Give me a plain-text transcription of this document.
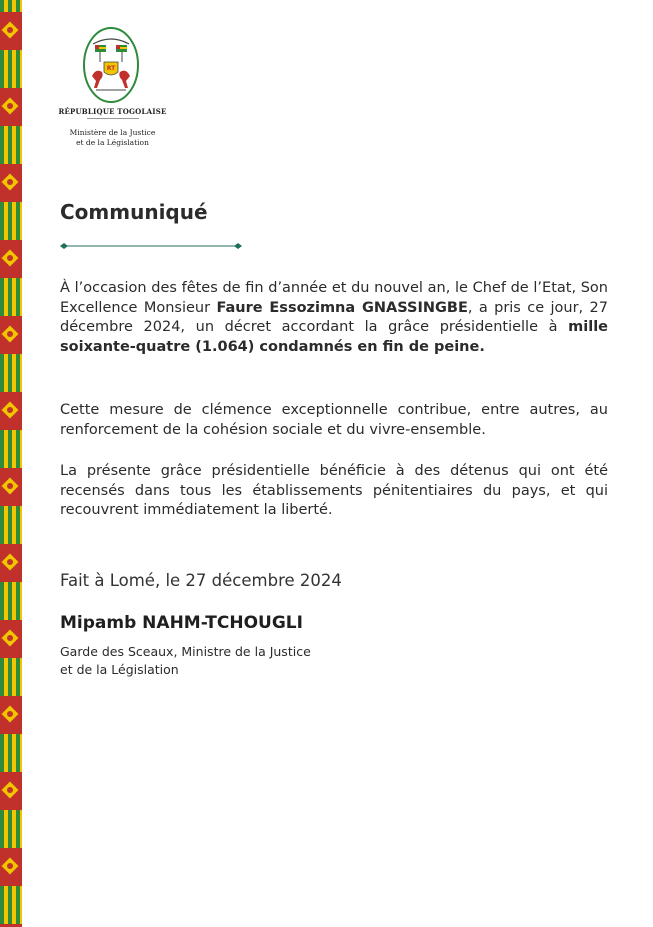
RT
RÉPUBLIQUE TOGOLAISE
Ministère de la Justice
et de la Législation
Communiqué
À l’occasion des fêtes de fin d’année et du nouvel an, le Chef de l’Etat, Son Excellence Monsieur Faure Essozimna GNASSINGBE, a pris ce jour, 27 décembre 2024, un décret accordant la grâce présidentielle à mille soixante-quatre (1.064) condamnés en fin de peine.
Cette mesure de clémence exceptionnelle contribue, entre autres, au renforcement de la cohésion sociale et du vivre-ensemble.
La présente grâce présidentielle bénéficie à des détenus qui ont été recensés dans tous les établissements pénitentiaires du pays, et qui recouvrent immédiatement la liberté.
Fait à Lomé, le 27 décembre 2024
Mipamb NAHM-TCHOUGLI
Garde des Sceaux, Ministre de la Justice
et de la Législation
